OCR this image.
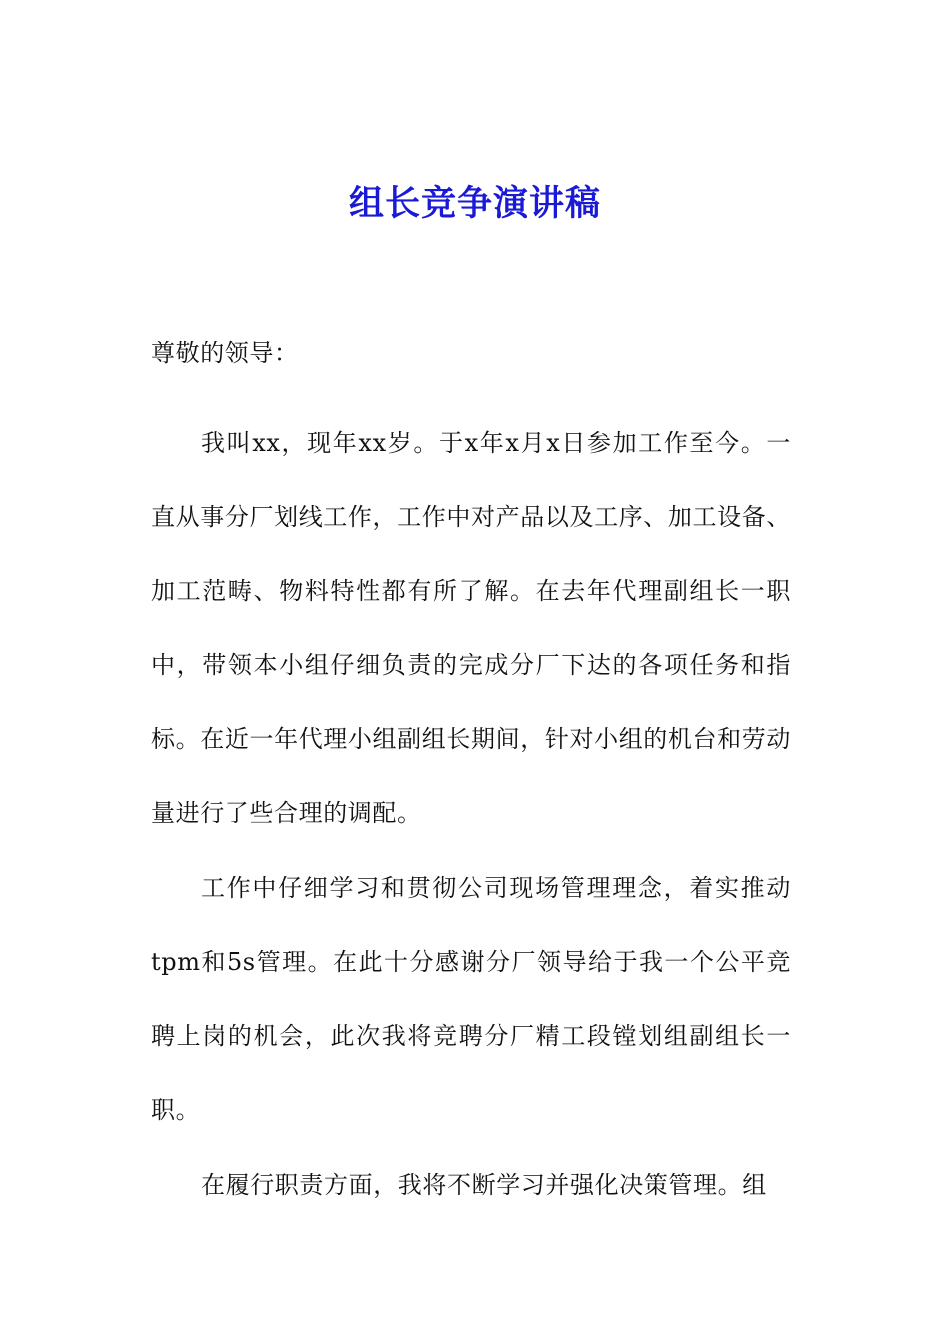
组长竞争演讲稿
尊敬的领导：

我叫xx，现年xx岁。于x年x月x日参加工作至今。一直从事分厂划线工作，工作中对产品以及工序、加工设备、加工范畴、物料特性都有所了解。在去年代理副组长一职中，带领本小组仔细负责的完成分厂下达的各项任务和指标。在近一年代理小组副组长期间，针对小组的机台和劳动量进行了些合理的调配。

工作中仔细学习和贯彻公司现场管理理念，着实推动tpm和5s管理。在此十分感谢分厂领导给于我一个公平竞聘上岗的机会，此次我将竞聘分厂精工段镗划组副组长一职。

在履行职责方面，我将不断学习并强化决策管理。组
